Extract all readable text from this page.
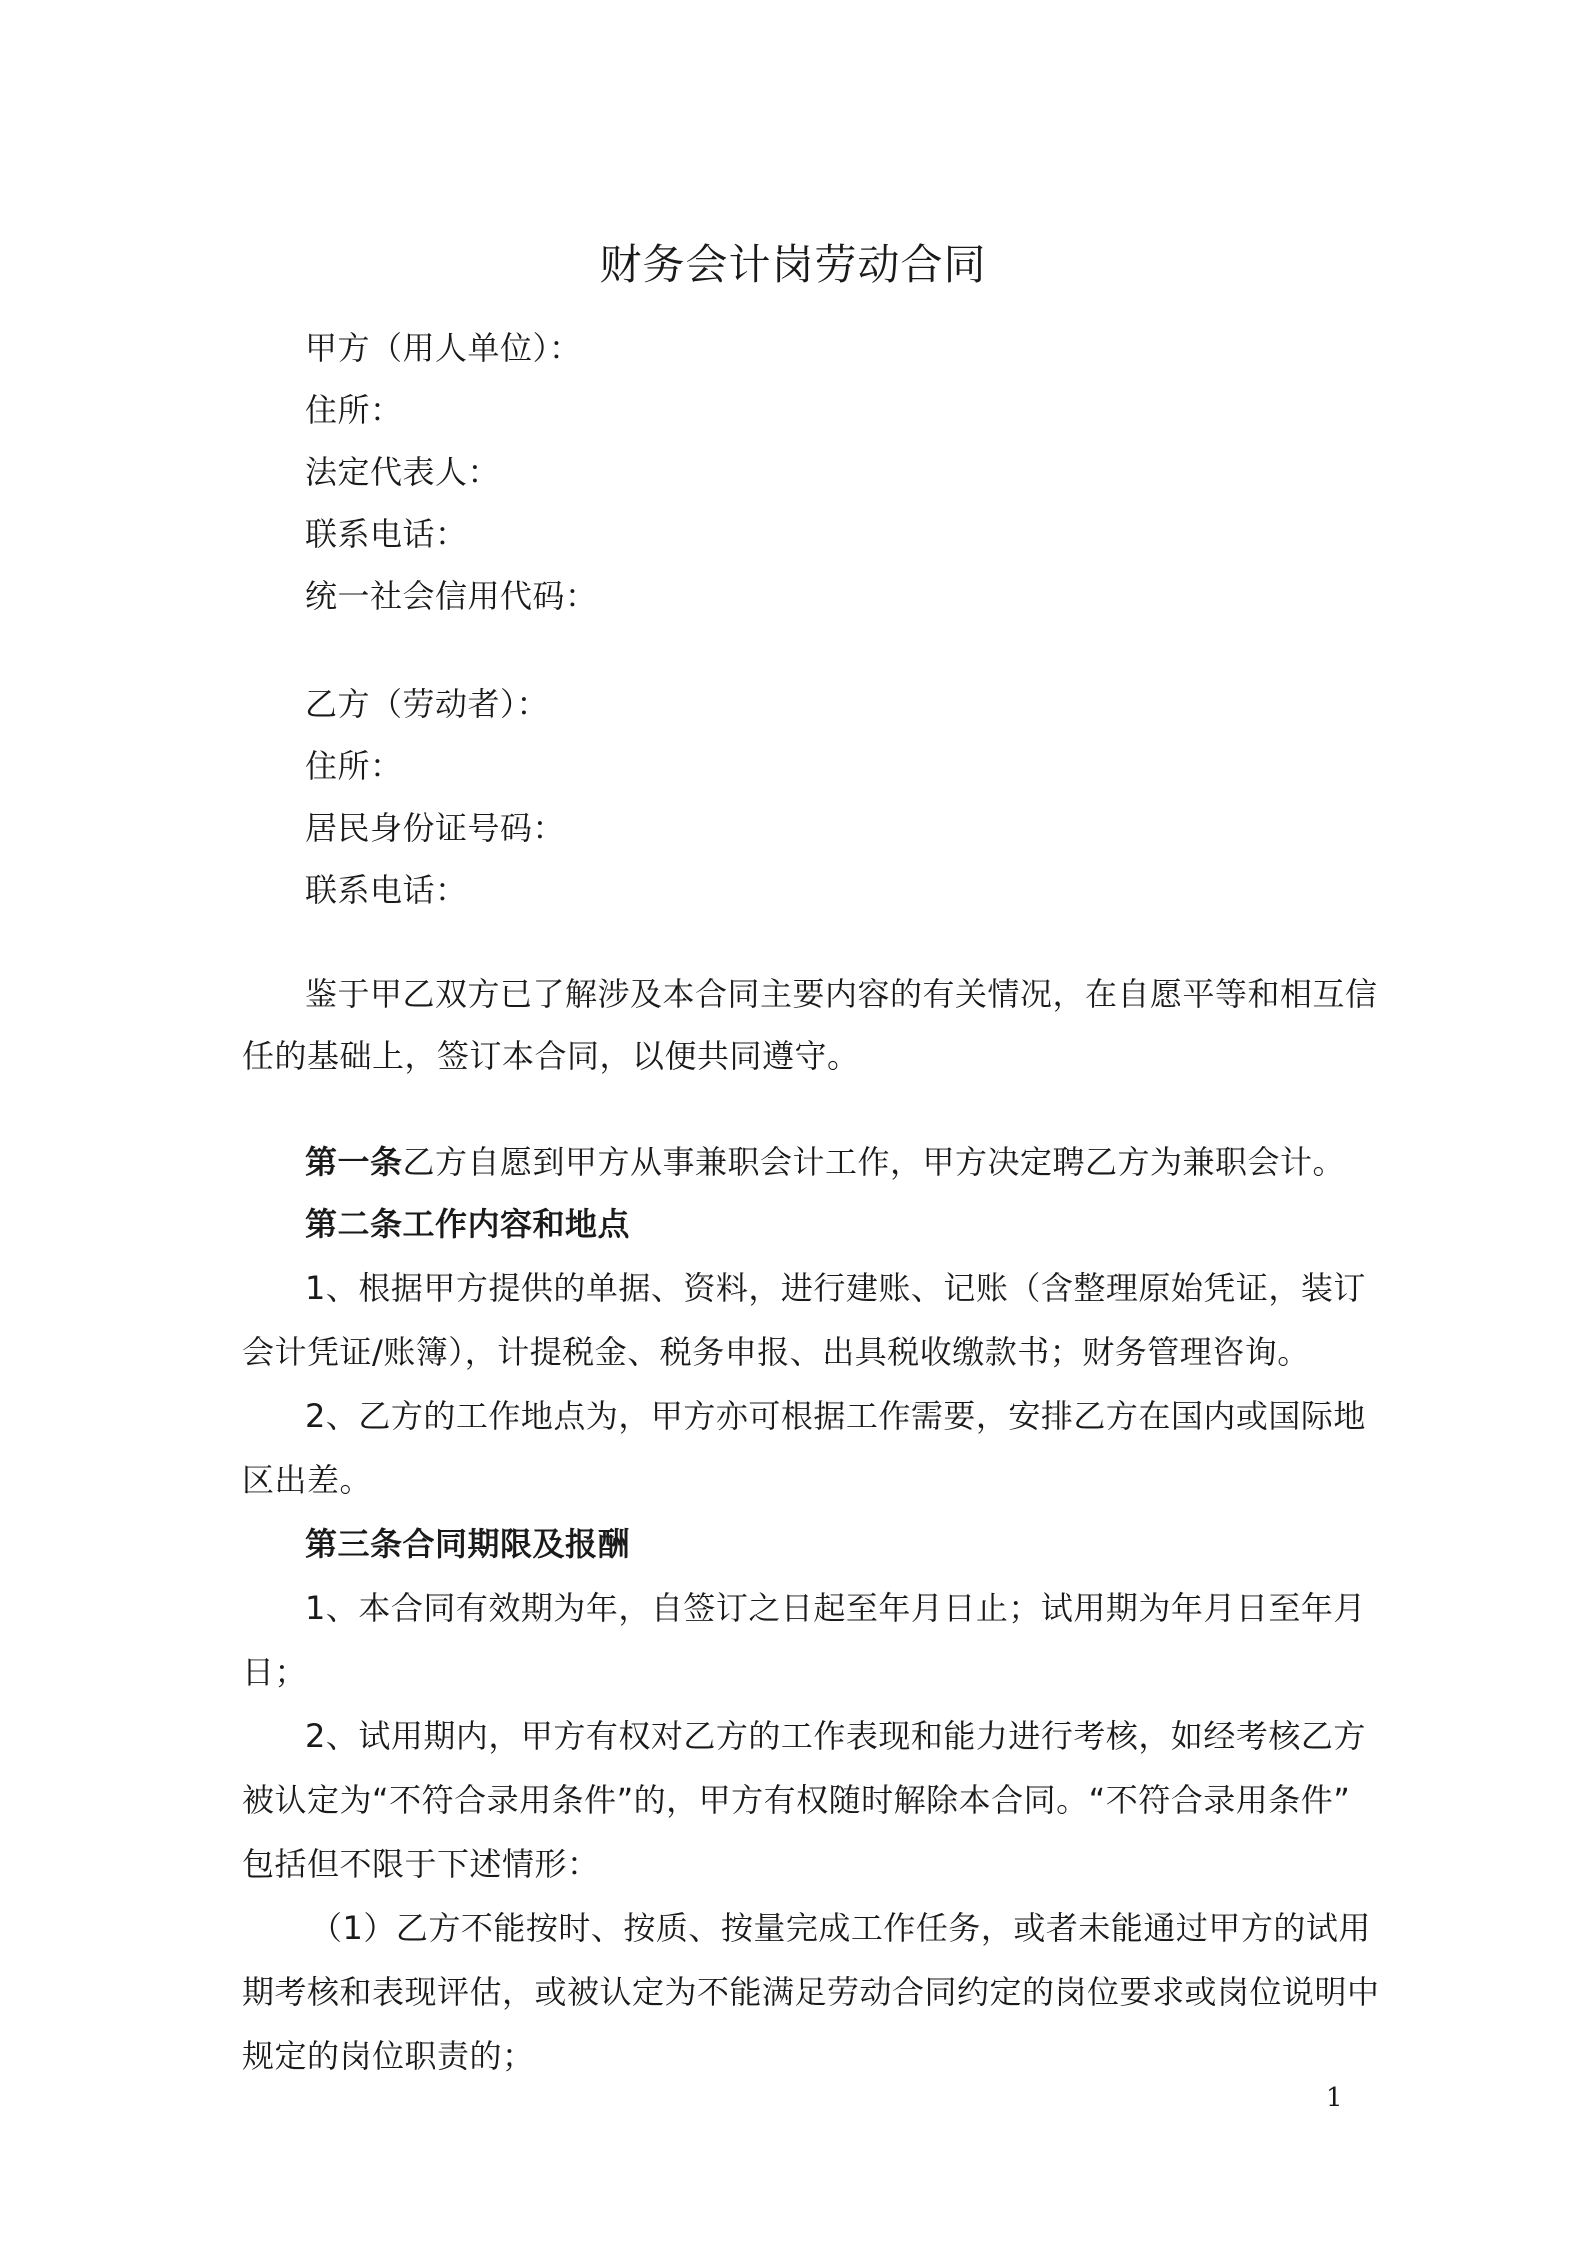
财务会计岗劳动合同
甲方（用人单位）：
住所：
法定代表人：
联系电话：
统一社会信用代码：
乙方（劳动者）：
住所：
居民身份证号码：
联系电话：
鉴于甲乙双方已了解涉及本合同主要内容的有关情况，在自愿平等和相互信
任的基础上，签订本合同，以便共同遵守。
第一条乙方自愿到甲方从事兼职会计工作，甲方决定聘乙方为兼职会计。
第二条工作内容和地点
1、根据甲方提供的单据、资料，进行建账、记账（含整理原始凭证，装订
会计凭证/账簿），计提税金、税务申报、出具税收缴款书；财务管理咨询。
2、乙方的工作地点为，甲方亦可根据工作需要，安排乙方在国内或国际地
区出差。
第三条合同期限及报酬
1、本合同有效期为年，自签订之日起至年月日止；试用期为年月日至年月
日；
2、试用期内，甲方有权对乙方的工作表现和能力进行考核，如经考核乙方
被认定为“不符合录用条件”的，甲方有权随时解除本合同。“不符合录用条件”
包括但不限于下述情形：
（1）乙方不能按时、按质、按量完成工作任务，或者未能通过甲方的试用
期考核和表现评估，或被认定为不能满足劳动合同约定的岗位要求或岗位说明中
规定的岗位职责的；
1
